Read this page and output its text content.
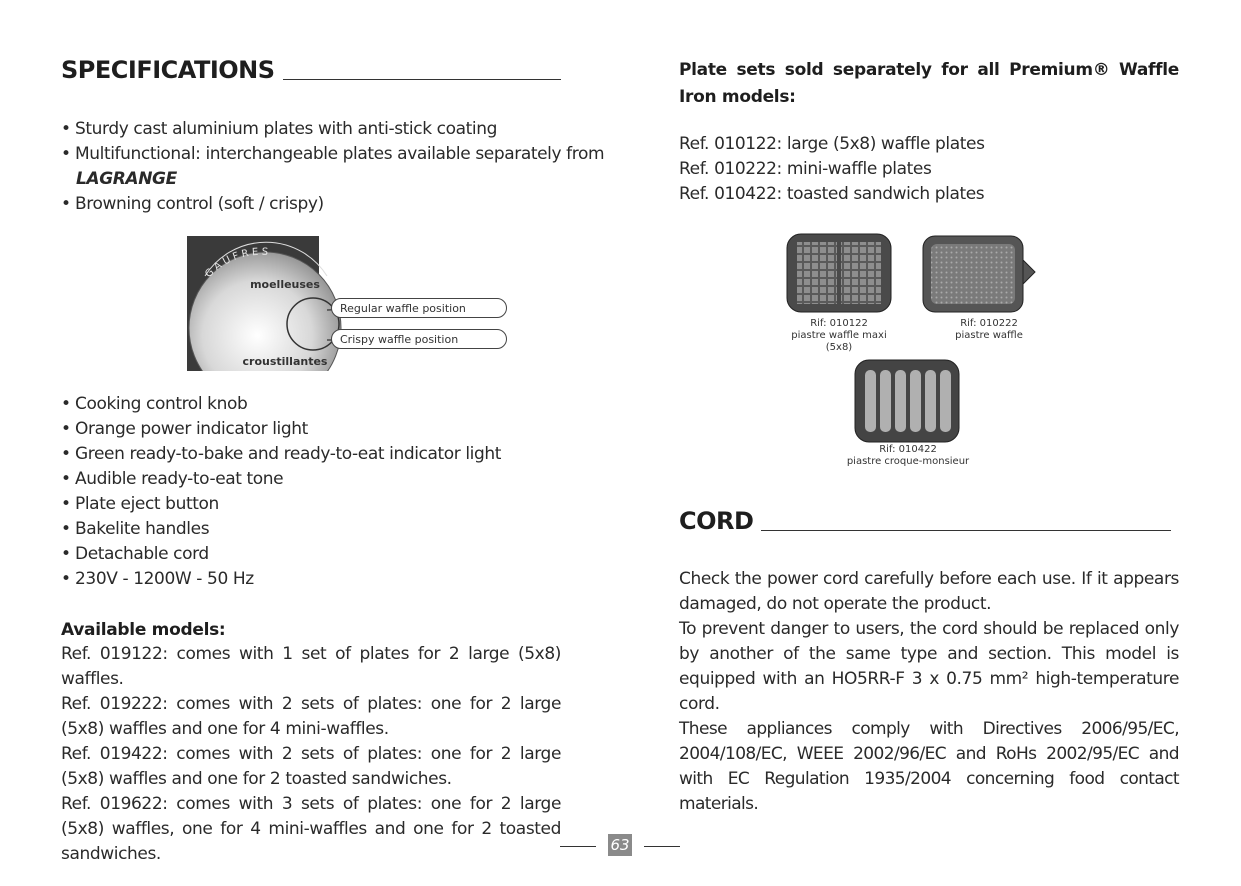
SPECIFICATIONS
• Sturdy cast aluminium plates with anti-stick coating
• Multifunctional: interchangeable plates available separately from
LAGRANGE
• Browning control (soft / crispy)
GAUFRES
moelleuses
croustillantes
Regular waffle position
Crispy waffle position
• Cooking control knob
• Orange power indicator light
• Green ready-to-bake and ready-to-eat indicator light
• Audible ready-to-eat tone
• Plate eject button
• Bakelite handles
• Detachable cord
• 230V - 1200W - 50 Hz
Available models:

Ref. 019122: comes with 1 set of plates for 2 large (5x8) waffles.

Ref. 019222: comes with 2 sets of plates: one for 2 large (5x8) waffles and one for 4 mini-waffles.

Ref. 019422: comes with 2 sets of plates: one for 2 large (5x8) waffles and one for 2 toasted sandwiches.

Ref. 019622: comes with 3 sets of plates: one for 2 large (5x8) waffles, one for 4 mini-waffles and one for 2 toasted sandwiches.

Plate sets sold separately for all Premium® Waffle Iron models:

Ref. 010122: large (5x8) waffle plates

Ref. 010222: mini-waffle plates

Ref. 010422: toasted sandwich plates

Rif: 010122
piastre waffle maxi (5x8)
Rif: 010222
piastre waffle
Rif: 010422
piastre croque-monsieur
CORD

Check the power cord carefully before each use. If it appears damaged, do not operate the product.

To prevent danger to users, the cord should be replaced only by another of the same type and section. This model is equipped with an HO5RR-F 3 x 0.75 mm² high-temperature cord.

These appliances comply with Directives 2006/95/EC, 2004/108/EC, WEEE 2002/96/EC and RoHs 2002/95/EC and with EC Regulation 1935/2004 concerning food contact materials.

63
